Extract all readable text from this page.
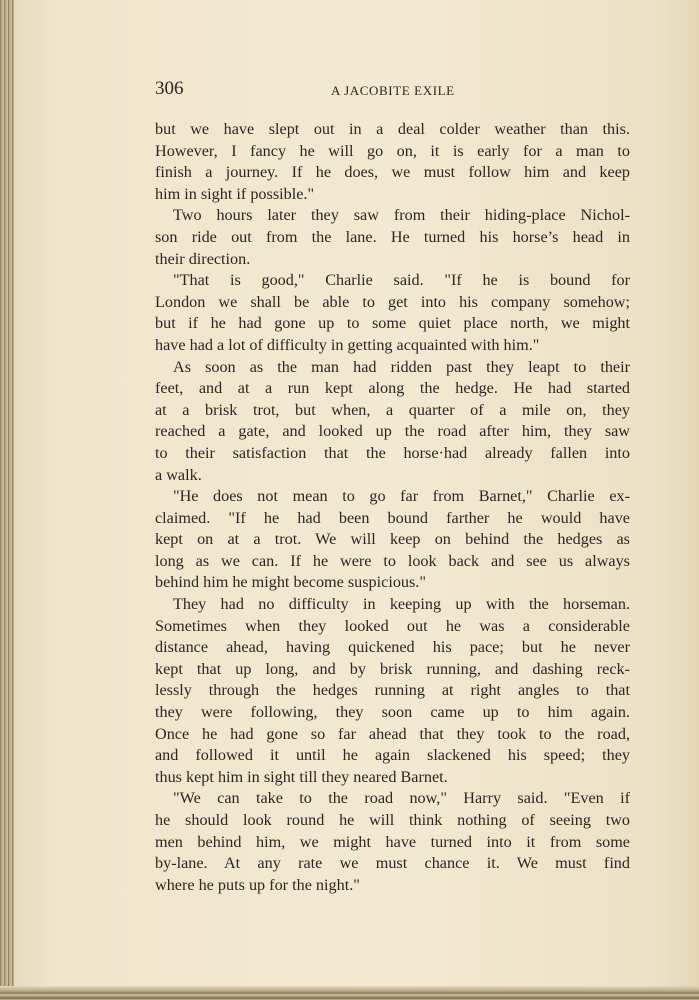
306	A JACOBITE EXILE
but we have slept out in a deal colder weather than this.
However, I fancy he will go on, it is early for a man to
finish a journey. If he does, we must follow him and keep
him in sight if possible."
Two hours later they saw from their hiding-place Nichol-
son ride out from the lane. He turned his horse’s head in
their direction.
"That is good," Charlie said. "If he is bound for
London we shall be able to get into his company somehow;
but if he had gone up to some quiet place north, we might
have had a lot of difficulty in getting acquainted with him."
As soon as the man had ridden past they leapt to their
feet, and at a run kept along the hedge. He had started
at a brisk trot, but when, a quarter of a mile on, they
reached a gate, and looked up the road after him, they saw
to their satisfaction that the horse·had already fallen into
a walk.
"He does not mean to go far from Barnet," Charlie ex-
claimed. "If he had been bound farther he would have
kept on at a trot. We will keep on behind the hedges as
long as we can. If he were to look back and see us always
behind him he might become suspicious."
They had no difficulty in keeping up with the horseman.
Sometimes when they looked out he was a considerable
distance ahead, having quickened his pace; but he never
kept that up long, and by brisk running, and dashing reck-
lessly through the hedges running at right angles to that
they were following, they soon came up to him again.
Once he had gone so far ahead that they took to the road,
and followed it until he again slackened his speed; they
thus kept him in sight till they neared Barnet.
"We can take to the road now," Harry said. "Even if
he should look round he will think nothing of seeing two
men behind him, we might have turned into it from some
by-lane. At any rate we must chance it. We must find
where he puts up for the night."
